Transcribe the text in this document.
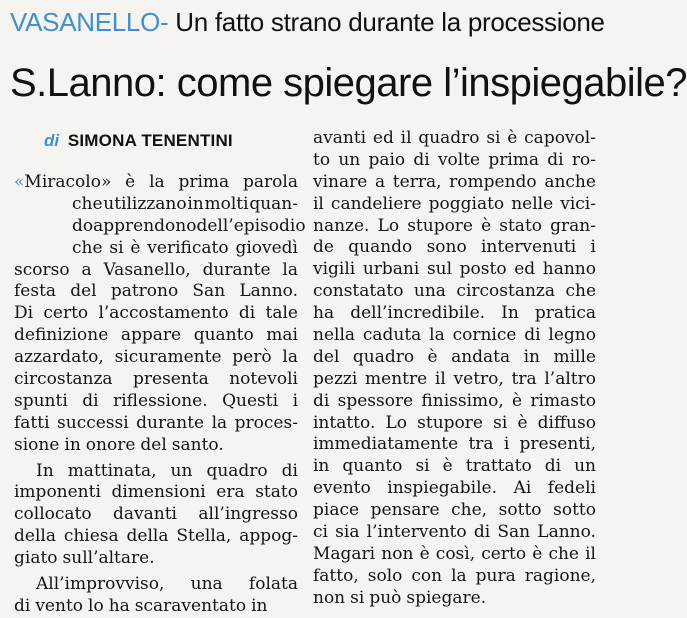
VASANELLO- Un fatto strano durante la processione
S.Lanno: come spiegare l’inspiegabile?
di SIMONA TENENTINI
«Miracolo» è la prima parola
che utilizzano in molti quan-
do apprendono dell’episodio
che si è verificato giovedì
scorso a Vasanello, durante la
festa del patrono San Lanno.
Di certo l’accostamento di tale
definizione appare quanto mai
azzardato, sicuramente però la
circostanza presenta notevoli
spunti di riflessione. Questi i
fatti successi durante la proces-
sione in onore del santo.
In mattinata, un quadro di
imponenti dimensioni era stato
collocato davanti all’ingresso
della chiesa della Stella, appog-
giato sull’altare.
All’improvviso, una folata
di vento lo ha scaraventato in
avanti ed il quadro si è capovol-
to un paio di volte prima di ro-
vinare a terra, rompendo anche
il candeliere poggiato nelle vici-
nanze. Lo stupore è stato gran-
de quando sono intervenuti i
vigili urbani sul posto ed hanno
constatato una circostanza che
ha dell’incredibile. In pratica
nella caduta la cornice di legno
del quadro è andata in mille
pezzi mentre il vetro, tra l’altro
di spessore finissimo, è rimasto
intatto. Lo stupore si è diffuso
immediatamente tra i presenti,
in quanto si è trattato di un
evento inspiegabile. Ai fedeli
piace pensare che, sotto sotto
ci sia l’intervento di San Lanno.
Magari non è così, certo è che il
fatto, solo con la pura ragione,
non si può spiegare.
